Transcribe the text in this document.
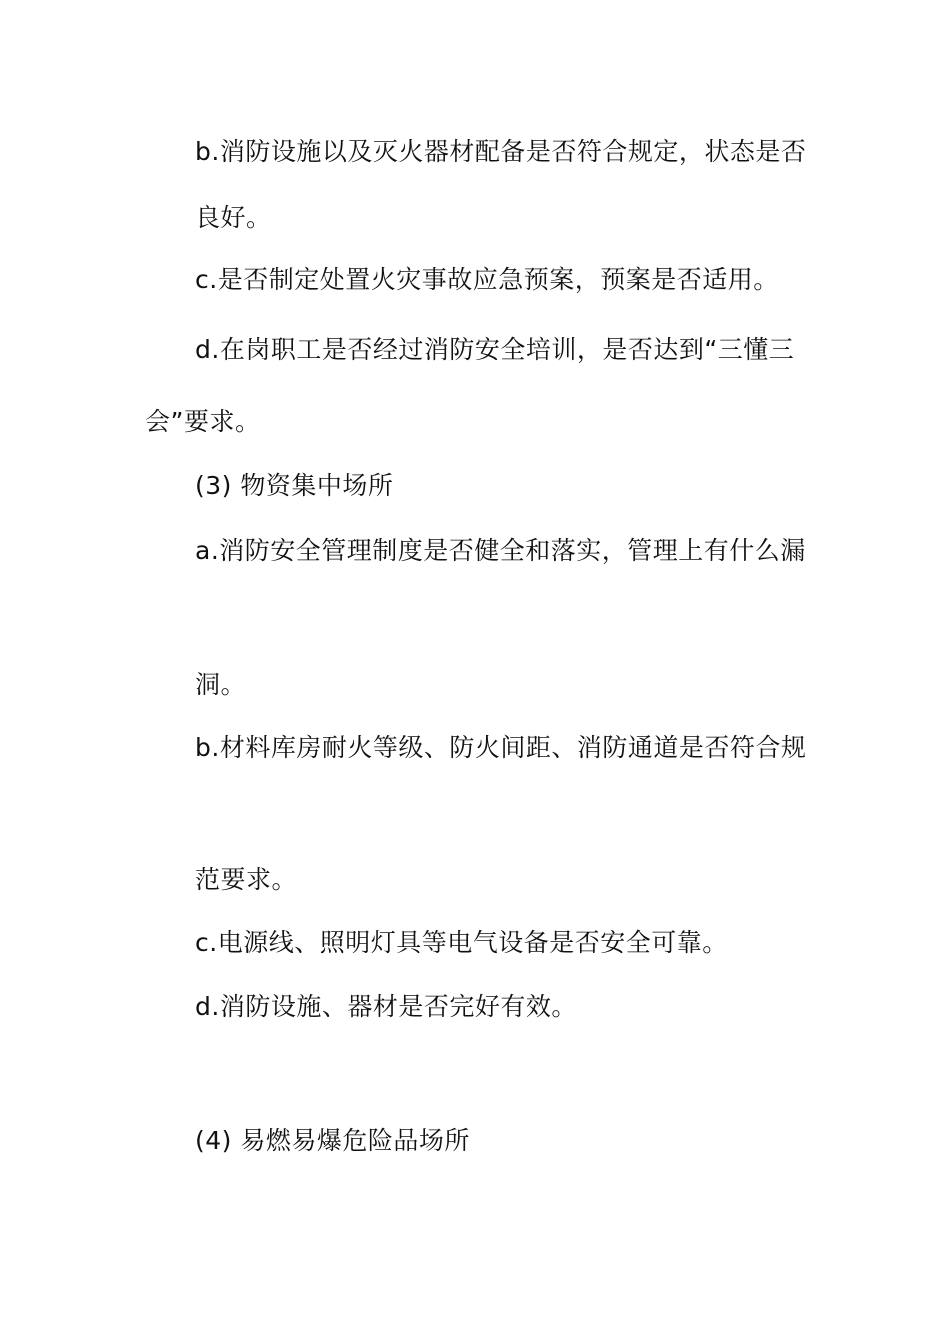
b.消防设施以及灭火器材配备是否符合规定，状态是否
良好。
c.是否制定处置火灾事故应急预案，预案是否适用。
d.在岗职工是否经过消防安全培训，是否达到“三懂三
会”要求。
(3) 物资集中场所
a.消防安全管理制度是否健全和落实，管理上有什么漏
洞。
b.材料库房耐火等级、防火间距、消防通道是否符合规
范要求。
c.电源线、照明灯具等电气设备是否安全可靠。
d.消防设施、器材是否完好有效。
(4) 易燃易爆危险品场所
